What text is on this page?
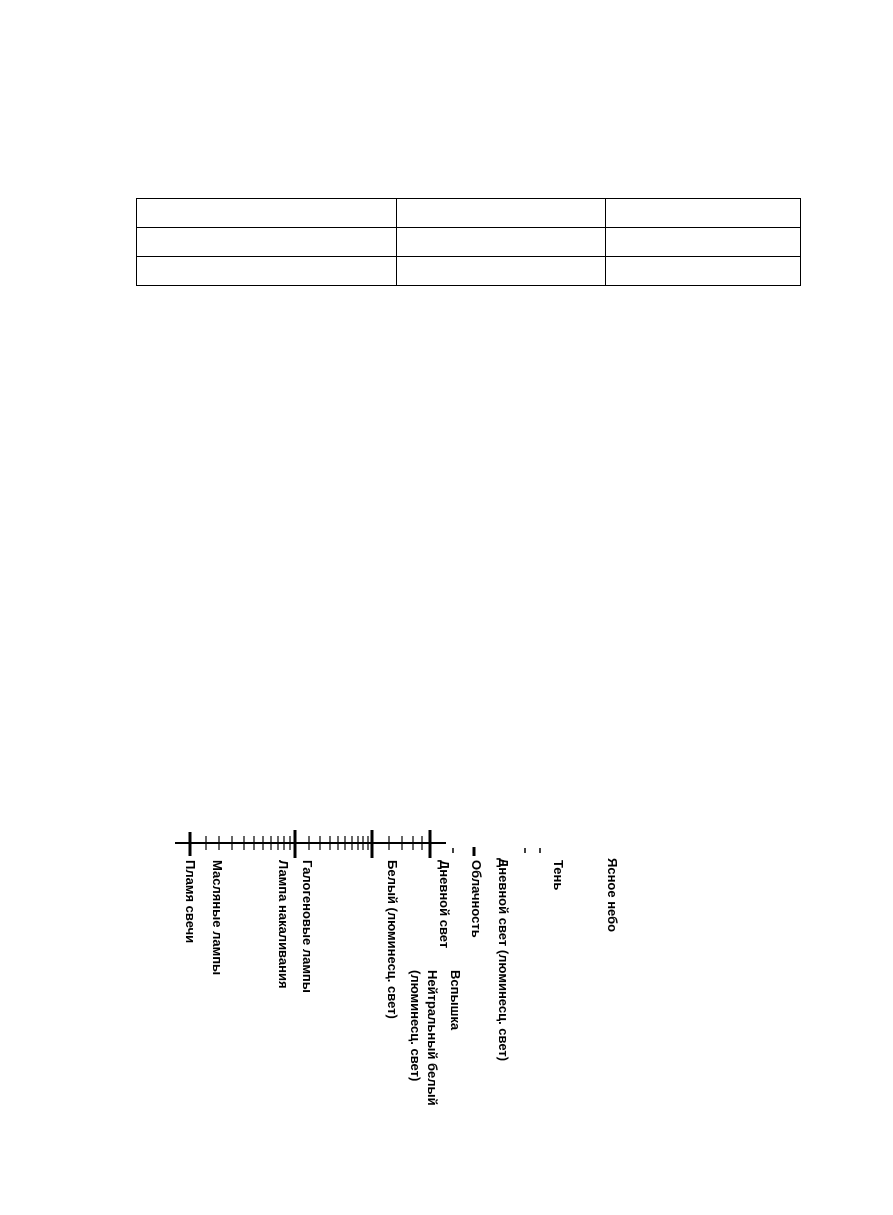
Пламя свечи Масляные лампы	Лампа накаливания Галогеновые лампы	Белый (люминесц. свет)
Нейтральный белый
(люминесц. свет)
Дневной свет
Вспышка
Облачность Дневной свет (люминесц. свет)	Тень	Ясное небо
